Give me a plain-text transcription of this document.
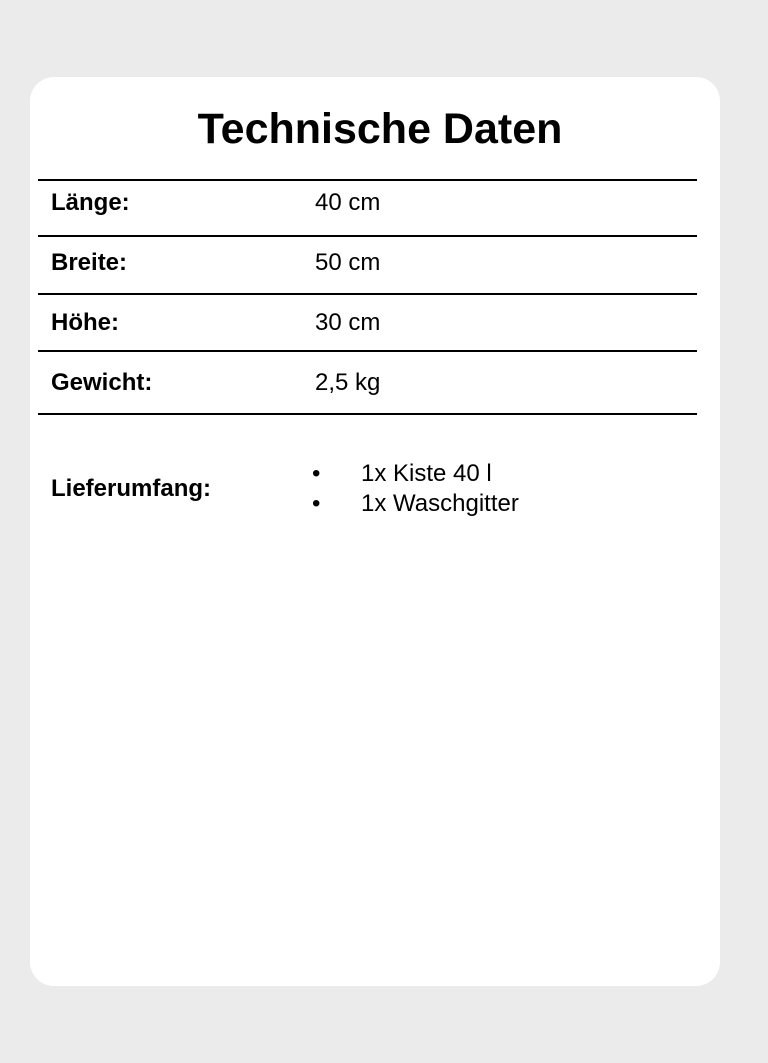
Technische Daten
Länge:	40 cm
Breite:	50 cm
Höhe:	30 cm
Gewicht:	2,5 kg
Lieferumfang:
•	1x Kiste 40 l
•	1x Waschgitter
